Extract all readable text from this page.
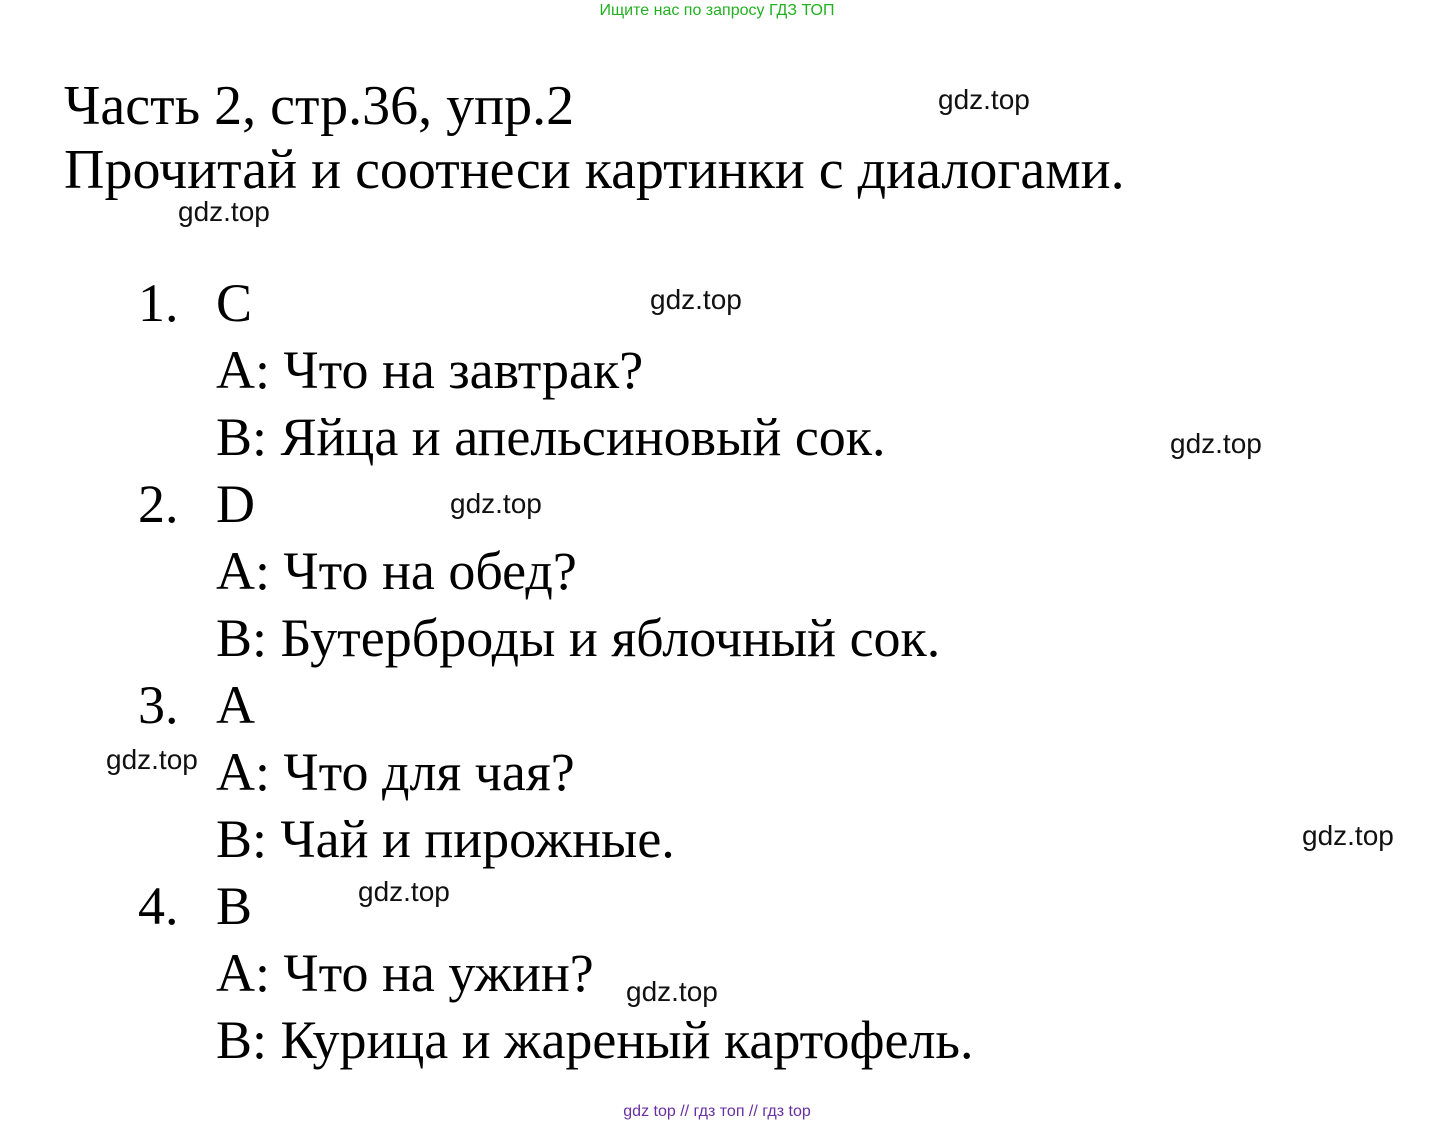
Ищите нас по запросу ГДЗ ТОП
Часть 2, стр.36, упр.2
Прочитай и соотнеси картинки с диалогами.
1. C
A: Что на завтрак?
B: Яйца и апельсиновый сок.
2. D
A: Что на обед?
B: Бутерброды и яблочный сок.
3. A
A: Что для чая?
B: Чай и пирожные.
4. B
A: Что на ужин?
B: Курица и жареный картофель.
gdz.top
gdz.top
gdz.top
gdz.top
gdz.top
gdz.top
gdz.top
gdz.top
gdz.top
gdz top // гдз топ // гдз top
